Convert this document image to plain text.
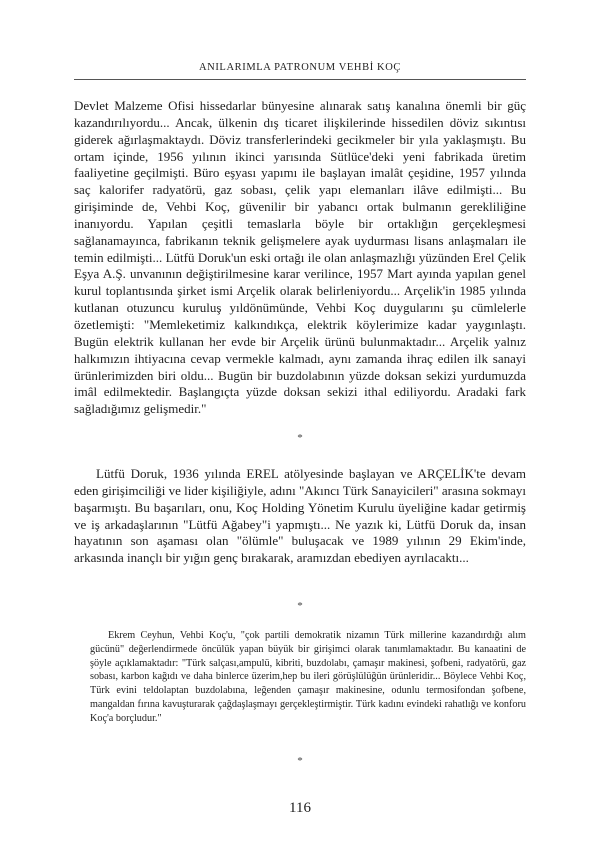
ANILARIMLA PATRONUM VEHBİ KOÇ

Devlet Malzeme Ofisi hissedarlar bünyesine alınarak satış kanalına önemli bir güç kazandırılıyordu... Ancak, ülkenin dış ticaret ilişkilerinde hissedilen döviz sıkıntısı giderek ağırlaşmaktaydı. Döviz transferlerindeki gecikmeler bir yıla yaklaşmıştı. Bu ortam içinde, 1956 yılının ikinci yarısında Sütlüce'deki yeni fabrikada üretim faaliyetine geçilmişti. Büro eşyası yapımı ile başlayan imalât çeşidine, 1957 yılında saç kalorifer radyatörü, gaz sobası, çelik yapı elemanları ilâve edilmişti... Bu girişiminde de, Vehbi Koç, güvenilir bir yabancı ortak bulmanın gerekliliğine inanıyordu. Yapılan çeşitli temaslarla böyle bir ortaklığın gerçekleşmesi sağlanamayınca, fabrikanın teknik gelişmelere ayak uydurması lisans anlaşmaları ile temin edilmişti... Lütfü Doruk'un eski ortağı ile olan anlaşmazlığı yüzünden Erel Çelik Eşya A.Ş. unvanının değiştirilmesine karar verilince, 1957 Mart ayında yapılan genel kurul toplantısında şirket ismi Arçelik olarak belirleniyordu... Arçelik'in 1985 yılında kutlanan otuzuncu kuruluş yıldönümünde, Vehbi Koç duygularını şu cümlelerle özetlemişti: "Memleketimiz kalkındıkça, elektrik köylerimize kadar yaygınlaştı. Bugün elektrik kullanan her evde bir Arçelik ürünü bulunmaktadır... Arçelik yalnız halkımızın ihtiyacına cevap vermekle kalmadı, aynı zamanda ihraç edilen ilk sanayi ürünlerimizden biri oldu... Bugün bir buzdolabının yüzde doksan sekizi yurdumuzda imâl edilmektedir. Başlangıçta yüzde doksan sekizi ithal ediliyordu. Aradaki fark sağladığımız gelişmedir."

*

Lütfü Doruk, 1936 yılında EREL atölyesinde başlayan ve ARÇELİK'te devam eden girişimciliği ve lider kişiliğiyle, adını "Akıncı Türk Sanayicileri" arasına sokmayı başarmıştı. Bu başarıları, onu, Koç Holding Yönetim Kurulu üyeliğine kadar getirmiş ve iş arkadaşlarının "Lütfü Ağabey"i yapmıştı... Ne yazık ki, Lütfü Doruk da, insan hayatının son aşaması olan "ölümle" buluşacak ve 1989 yılının 29 Ekim'inde, arkasında inançlı bir yığın genç bırakarak, aramızdan ebediyen ayrılacaktı...

*

Ekrem Ceyhun, Vehbi Koç'u, "çok partili demokratik nizamın Türk millerine kazandırdığı alım gücünü" değerlendirmede öncülük yapan büyük bir girişimci olarak tanımlamaktadır. Bu kanaatini de şöyle açıklamaktadır: "Türk salçası,ampulü, kibriti, buzdolabı, çamaşır makinesi, şofbeni, radyatörü, gaz sobası, karbon kağıdı ve daha binlerce üzerim,hep bu ileri görüşlülüğün ürünleridir... Böylece Vehbi Koç, Türk evini teldolaptan buzdolabına, leğenden çamaşır makinesine, odunlu termosifondan şofbene, mangaldan fırına kavuşturarak çağdaşlaşmayı gerçekleştirmiştir. Türk kadını evindeki rahatlığı ve konforu Koç'a borçludur."

*
116
